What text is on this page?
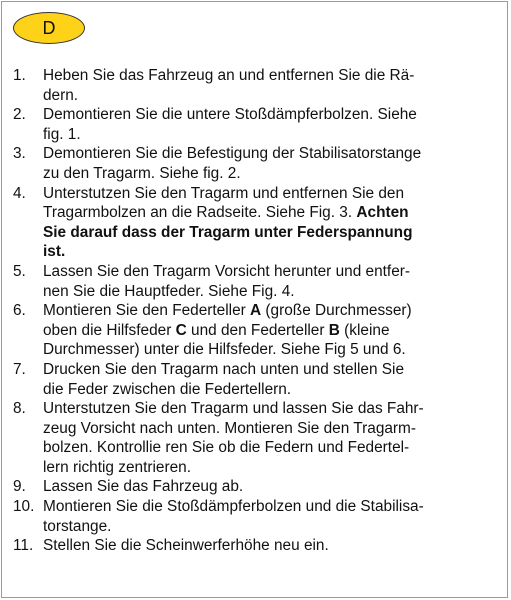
D
1.	Heben Sie das Fahrzeug an und entfernen Sie die Rä-
dern.
2.	Demontieren Sie die untere Stoßdämpferbolzen. Siehe
fig. 1.
3.	Demontieren Sie die Befestigung der Stabilisatorstange
zu den Tragarm. Siehe fig. 2.
4.	Unterstutzen Sie den Tragarm und entfernen Sie den
Tragarmbolzen an die Radseite. Siehe Fig. 3. Achten
Sie darauf dass der Tragarm unter Federspannung
ist.
5.	Lassen Sie den Tragarm Vorsicht herunter und entfer-
nen Sie die Hauptfeder. Siehe Fig. 4.
6.	Montieren Sie den Federteller A (große Durchmesser)
oben die Hilfsfeder C und den Federteller B (kleine
Durchmesser) unter die Hilfsfeder. Siehe Fig 5 und 6.
7.	Drucken Sie den Tragarm nach unten und stellen Sie
die Feder zwischen die Federtellern.
8.	Unterstutzen Sie den Tragarm und lassen Sie das Fahr-
zeug Vorsicht nach unten. Montieren Sie den Tragarm-
bolzen. Kontrollie ren Sie ob die Federn und Federtel-
lern richtig zentrieren.
9.	Lassen Sie das Fahrzeug ab.
10. Montieren Sie die Stoßdämpferbolzen und die Stabilisa-
torstange.
11. Stellen Sie die Scheinwerferhöhe neu ein.
